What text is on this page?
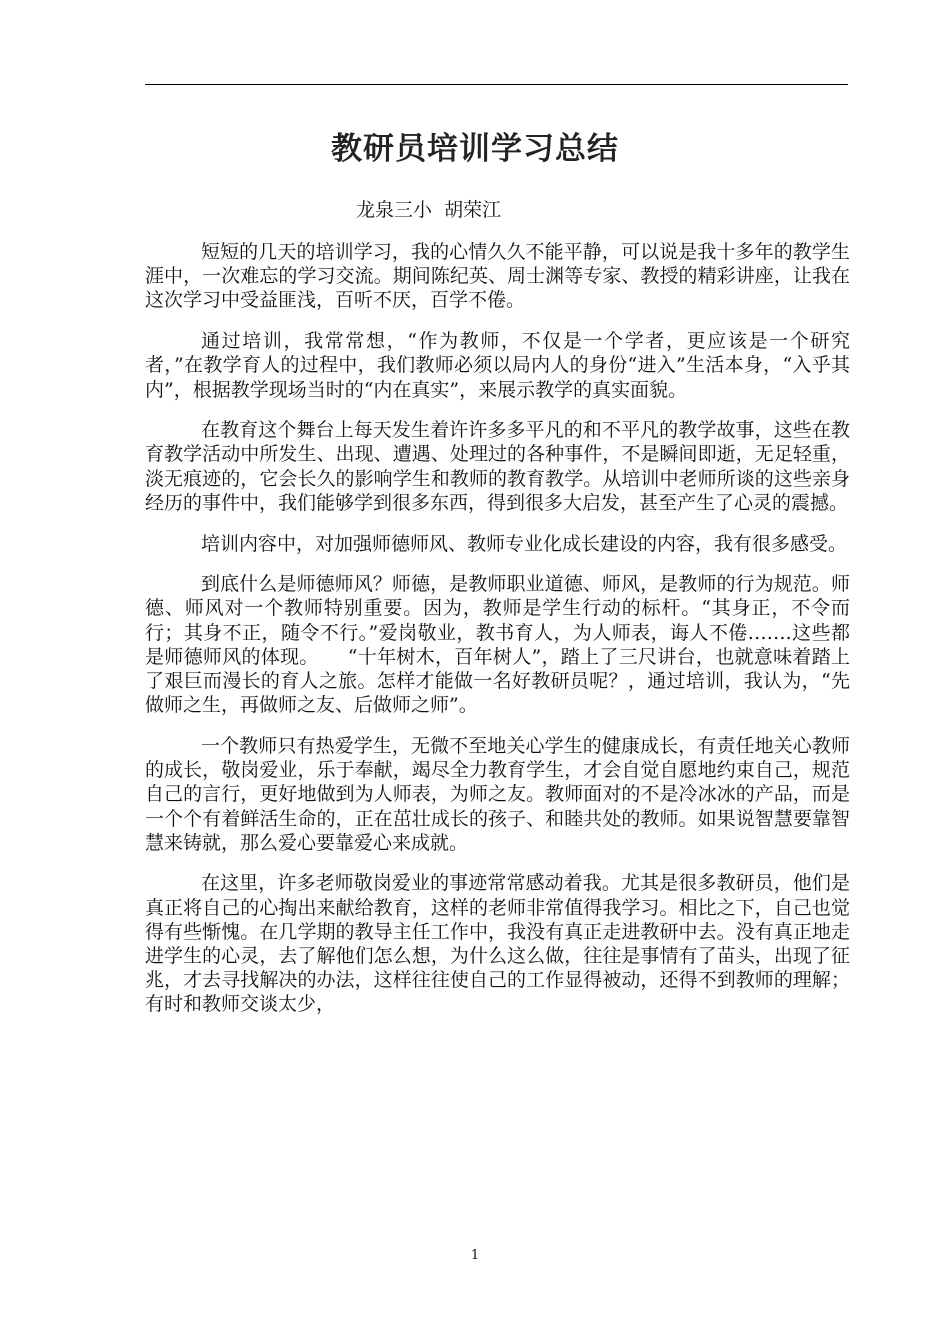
教研员培训学习总结
龙泉三小  胡荣江

短短的几天的培训学习，我的心情久久不能平静，可以说是我十多年的教学生涯中，一次难忘的学习交流。期间陈纪英、周士渊等专家、教授的精彩讲座，让我在这次学习中受益匪浅，百听不厌，百学不倦。

通过培训，我常常想，“作为教师，不仅是一个学者，更应该是一个研究者，”在教学育人的过程中，我们教师必须以局内人的身份“进入”生活本身，“入乎其内”，根据教学现场当时的“内在真实”，来展示教学的真实面貌。

在教育这个舞台上每天发生着许许多多平凡的和不平凡的教学故事，这些在教育教学活动中所发生、出现、遭遇、处理过的各种事件，不是瞬间即逝，无足轻重，淡无痕迹的，它会长久的影响学生和教师的教育教学。从培训中老师所谈的这些亲身经历的事件中，我们能够学到很多东西，得到很多大启发，甚至产生了心灵的震撼。

培训内容中，对加强师德师风、教师专业化成长建设的内容，我有很多感受。

到底什么是师德师风？师德，是教师职业道德、师风，是教师的行为规范。师德、师风对一个教师特别重要。因为，教师是学生行动的标杆。“其身正，不令而行；其身不正，随令不行。”爱岗敬业，教书育人，为人师表，诲人不倦…….这些都是师德师风的体现。　　“十年树木，百年树人”，踏上了三尺讲台，也就意味着踏上了艰巨而漫长的育人之旅。怎样才能做一名好教研员呢？，通过培训，我认为，“先做师之生，再做师之友、后做师之师”。

一个教师只有热爱学生，无微不至地关心学生的健康成长，有责任地关心教师的成长，敬岗爱业，乐于奉献，竭尽全力教育学生，才会自觉自愿地约束自己，规范自己的言行，更好地做到为人师表，为师之友。教师面对的不是冷冰冰的产品，而是一个个有着鲜活生命的，正在茁壮成长的孩子、和睦共处的教师。如果说智慧要靠智慧来铸就，那么爱心要靠爱心来成就。

在这里，许多老师敬岗爱业的事迹常常感动着我。尤其是很多教研员，他们是真正将自己的心掏出来献给教育，这样的老师非常值得我学习。相比之下，自己也觉得有些惭愧。在几学期的教导主任工作中，我没有真正走进教研中去。没有真正地走进学生的心灵，去了解他们怎么想，为什么这么做，往往是事情有了苗头，出现了征兆，才去寻找解决的办法，这样往往使自己的工作显得被动，还得不到教师的理解；有时和教师交谈太少，

1
